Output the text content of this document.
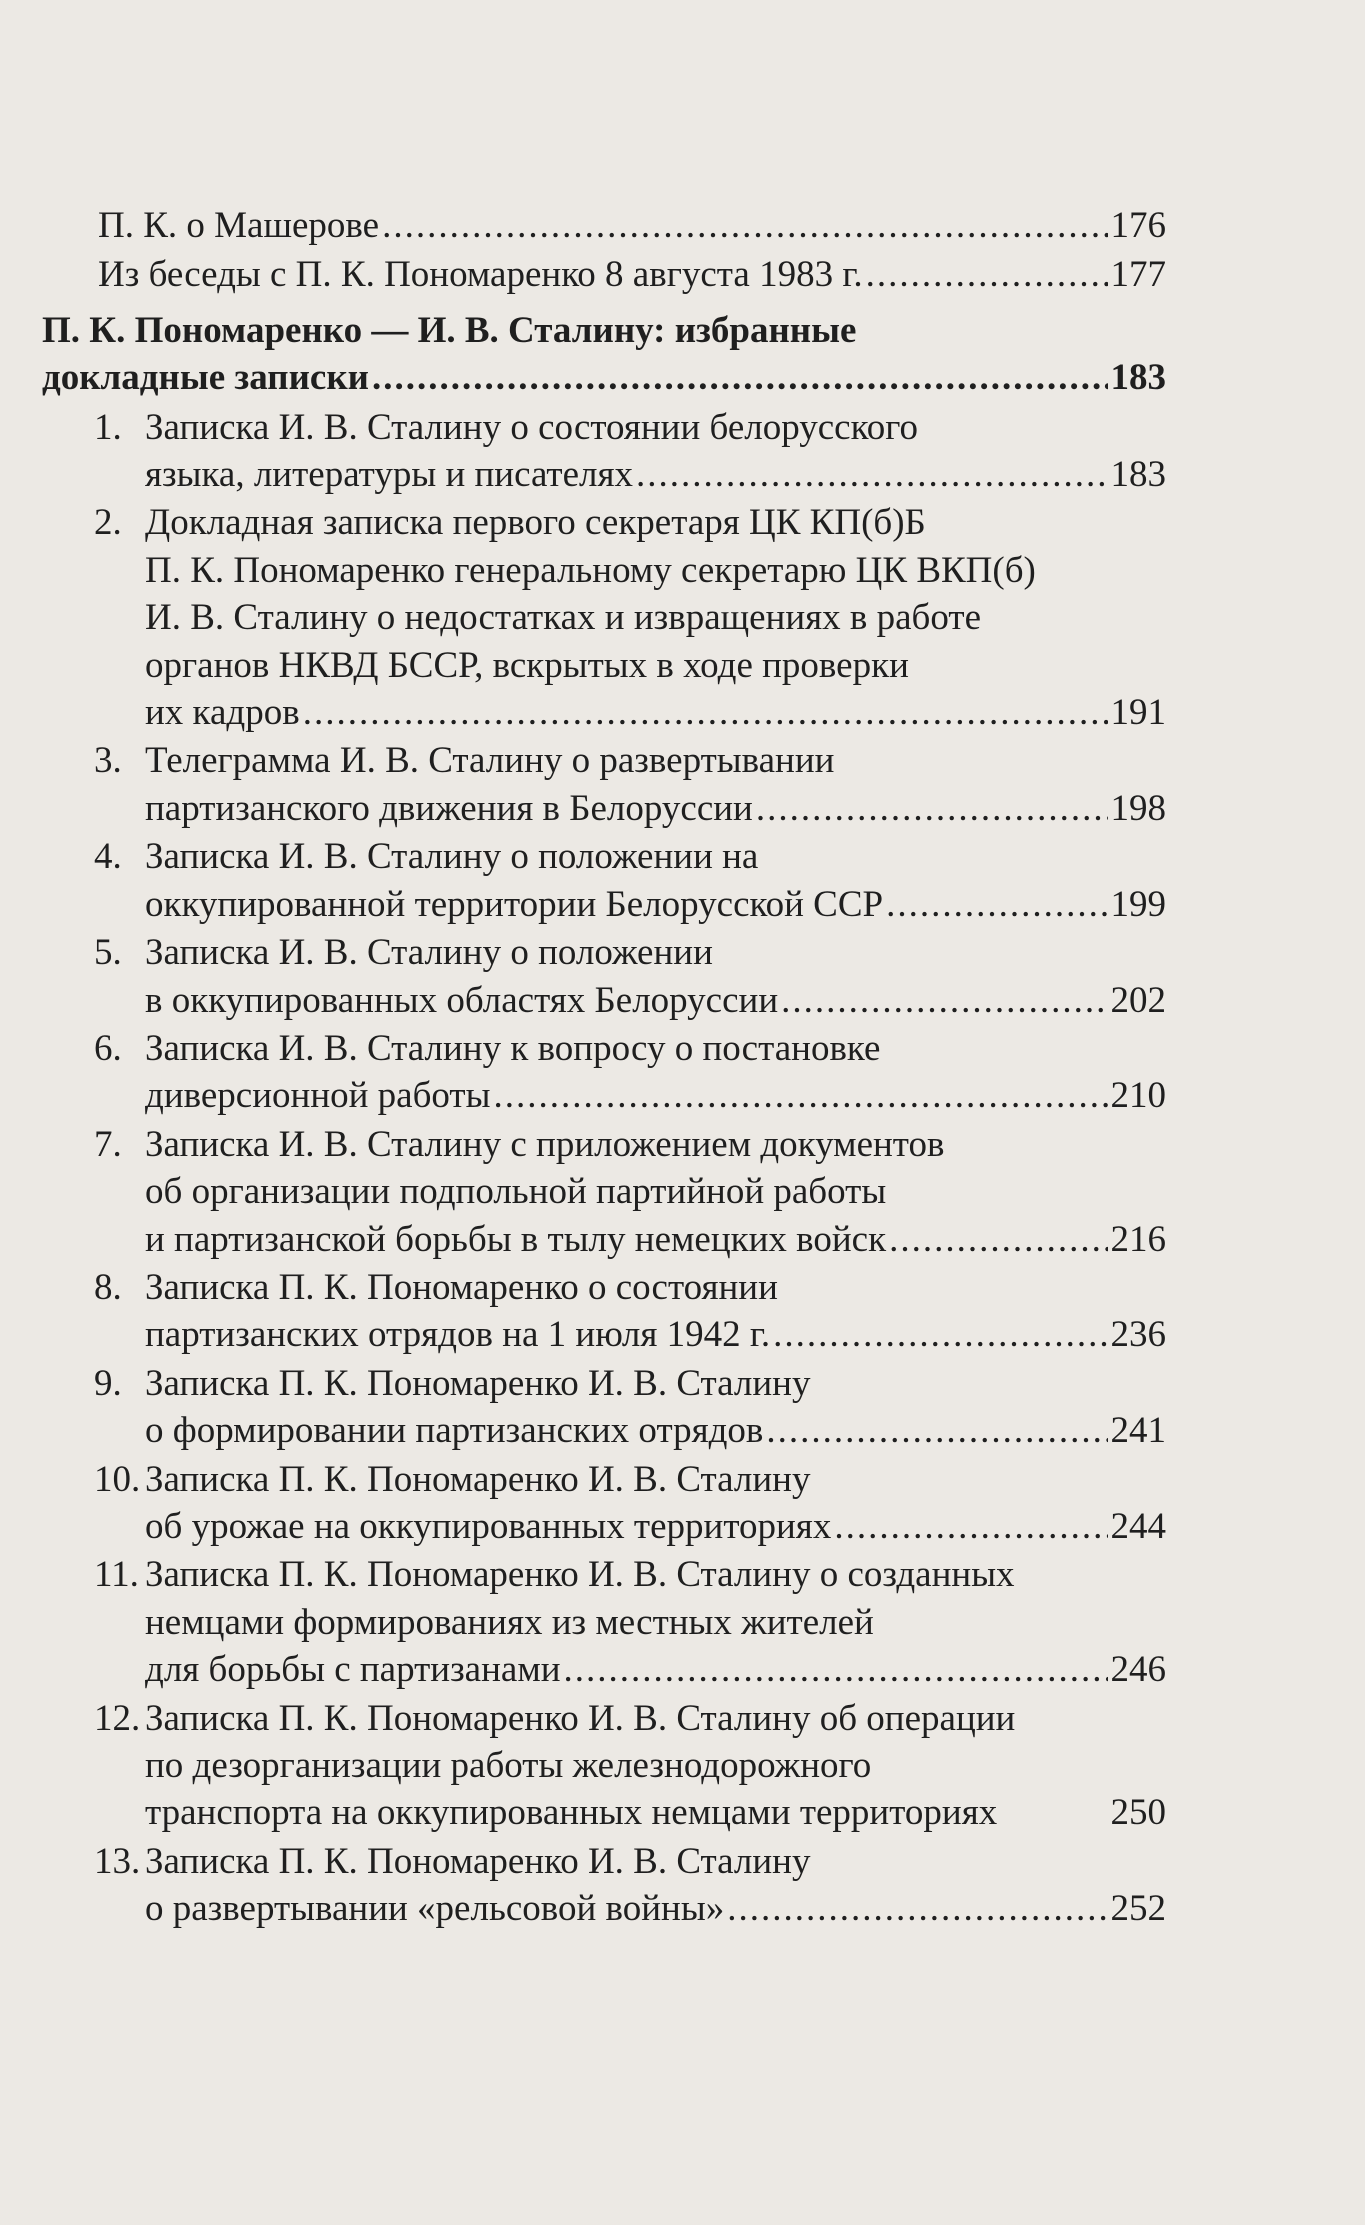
П. К. о Машерове .....	176
Из беседы с П. К. Пономаренко 8 августа 1983 г. .....	177
П. К. Пономаренко — И. В. Сталину: избранные
докладные записки .....	183
1. Записка И. В. Сталину о состоянии белорусского
языка, литературы и писателях .....	183
2. Докладная записка первого секретаря ЦК КП(б)Б
П. К. Пономаренко генеральному секретарю ЦК ВКП(б)
И. В. Сталину о недостатках и извращениях в работе
органов НКВД БССР, вскрытых в ходе проверки
их кадров .....	191
3. Телеграмма И. В. Сталину о развертывании
партизанского движения в Белоруссии .....	198
4. Записка И. В. Сталину о положении на
оккупированной территории Белорусской ССР .....	199
5. Записка И. В. Сталину о положении
в оккупированных областях Белоруссии .....	202
6. Записка И. В. Сталину к вопросу о постановке
диверсионной работы .....	210
7. Записка И. В. Сталину с приложением документов
об организации подпольной партийной работы
и партизанской борьбы в тылу немецких войск .....	216
8. Записка П. К. Пономаренко о состоянии
партизанских отрядов на 1 июля 1942 г. .....	236
9. Записка П. К. Пономаренко И. В. Сталину
о формировании партизанских отрядов .....	241
10. Записка П. К. Пономаренко И. В. Сталину
об урожае на оккупированных территориях .....	244
11. Записка П. К. Пономаренко И. В. Сталину о созданных
немцами формированиях из местных жителей
для борьбы с партизанами .....	246
12. Записка П. К. Пономаренко И. В. Сталину об операции
по дезорганизации работы железнодорожного
транспорта на оккупированных немцами территориях	250
13. Записка П. К. Пономаренко И. В. Сталину
о развертывании «рельсовой войны» .....	252
